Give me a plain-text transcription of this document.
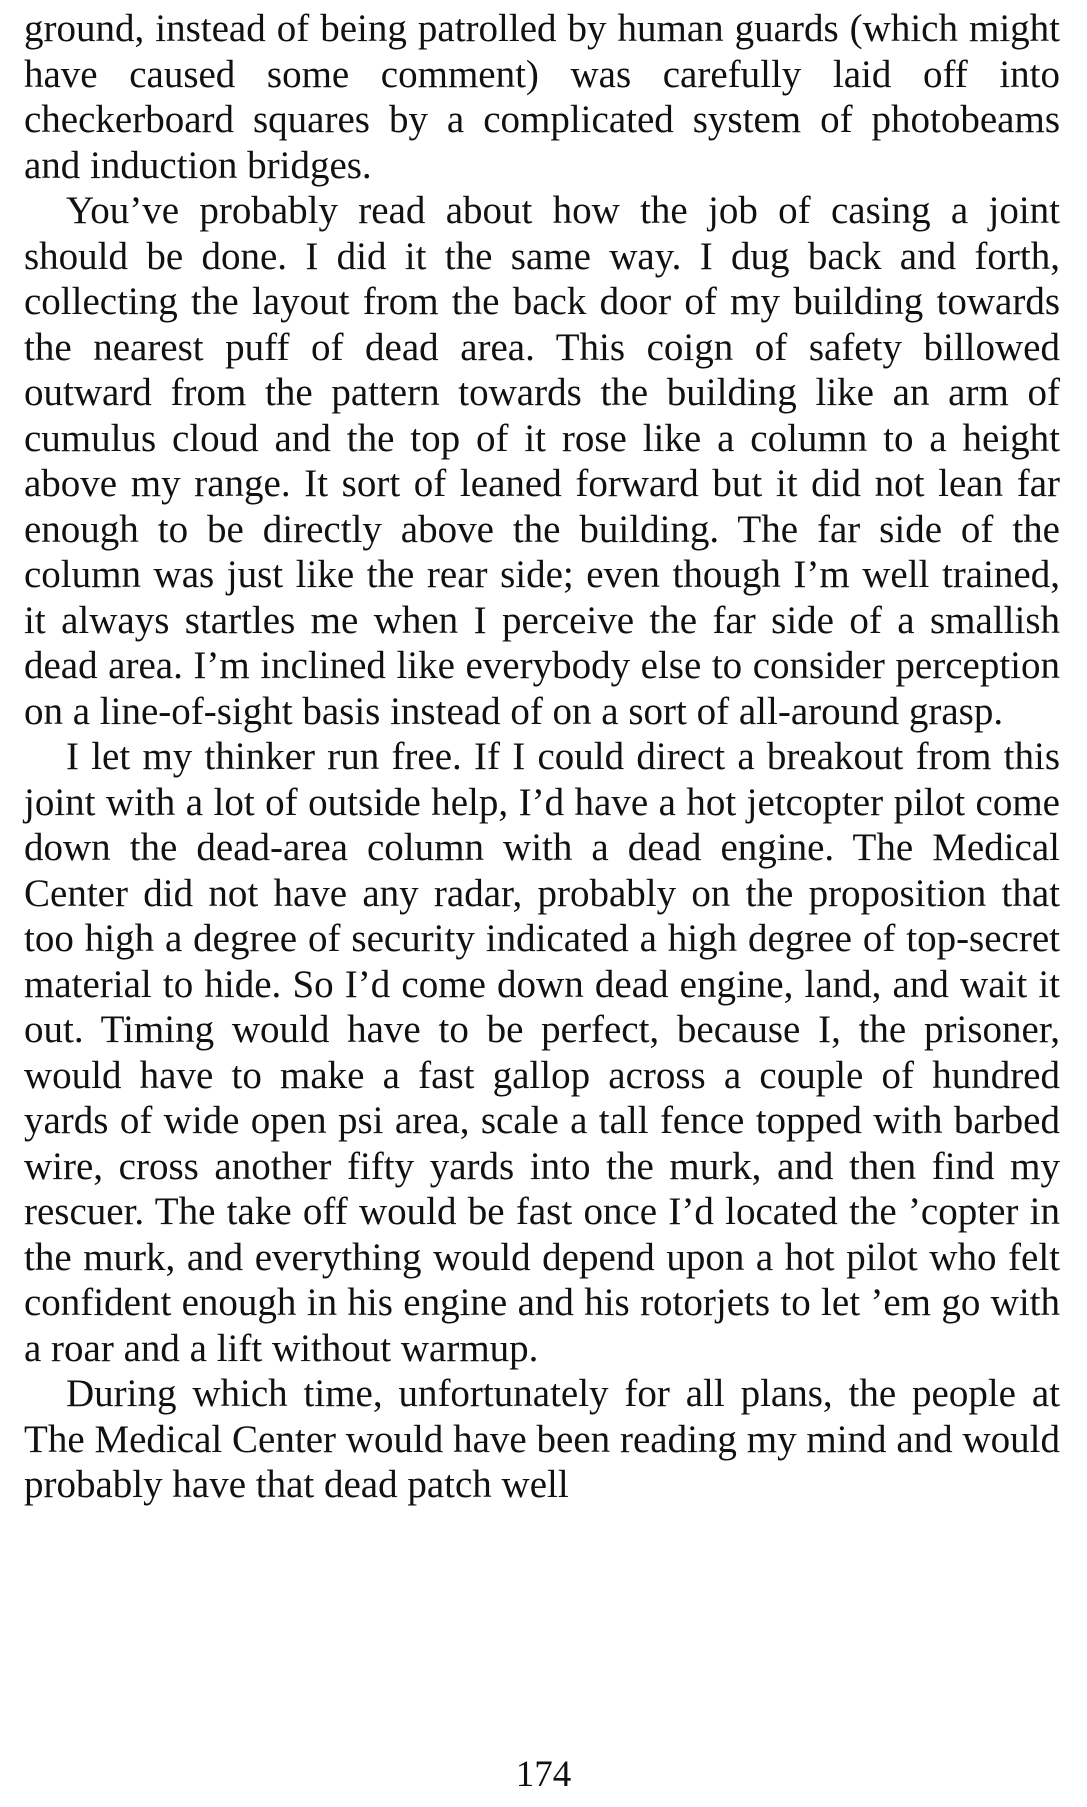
ground, instead of being patrolled by human guards (which might have caused some comment) was carefully laid off into checkerboard squares by a complicated system of photobeams and induction bridges.

You’ve probably read about how the job of casing a joint should be done. I did it the same way. I dug back and forth, collecting the layout from the back door of my building towards the nearest puff of dead area. This coign of safety billowed outward from the pattern towards the building like an arm of cumulus cloud and the top of it rose like a column to a height above my range. It sort of leaned forward but it did not lean far enough to be directly above the building. The far side of the column was just like the rear side; even though I’m well trained, it always startles me when I perceive the far side of a smallish dead area. I’m inclined like everybody else to consider perception on a line-of-sight basis instead of on a sort of all-around grasp.

I let my thinker run free. If I could direct a breakout from this joint with a lot of outside help, I’d have a hot jetcopter pilot come down the dead-area column with a dead engine. The Medical Center did not have any radar, probably on the proposition that too high a degree of security indicated a high degree of top-secret material to hide. So I’d come down dead engine, land, and wait it out. Timing would have to be perfect, because I, the prisoner, would have to make a fast gallop across a couple of hundred yards of wide open psi area, scale a tall fence topped with barbed wire, cross another fifty yards into the murk, and then find my rescuer. The take off would be fast once I’d located the ’copter in the murk, and everything would depend upon a hot pilot who felt confident enough in his engine and his rotorjets to let ’em go with a roar and a lift without warmup.

During which time, unfortunately for all plans, the people at The Medical Center would have been reading my mind and would probably have that dead patch well

174
